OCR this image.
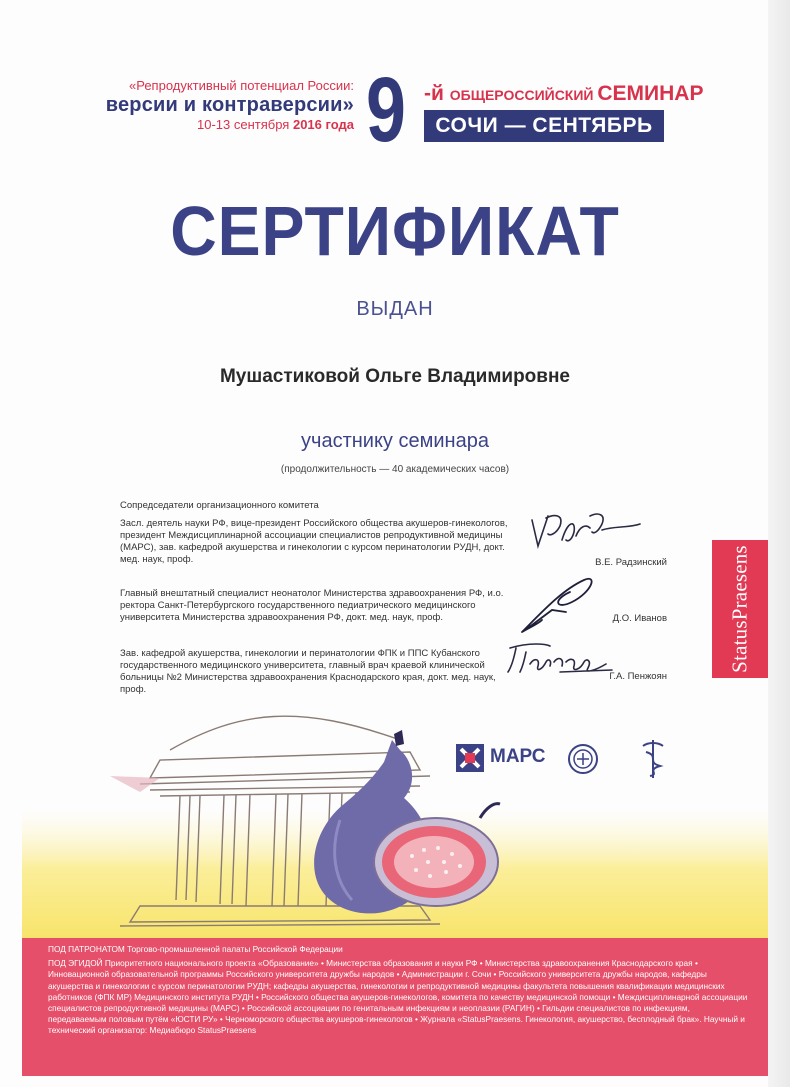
«Репродуктивный потенциал России:
версии и контраверсии»
10-13 сентября 2016 года 9 -й ОБЩЕРОССИЙСКИЙ СЕМИНАР
СОЧИ — СЕНТЯБРЬ
СЕРТИФИКАТ
ВЫДАН
Мушастиковой Ольге Владимировне
участнику семинара
(продолжительность — 40 академических часов)
Сопредседатели организационного комитета
Засл. деятель науки РФ, вице-президент Российского общества акушеров-гинекологов, президент Междисциплинарной ассоциации специалистов репродуктивной медицины (МАРС), зав. кафедрой акушерства и гинекологии с курсом перинатологии РУДН, докт. мед. наук, проф.
Главный внештатный специалист неонатолог Министерства здравоохранения РФ, и.о. ректора Санкт-Петербургского государственного педиатрического медицинского университета Министерства здравоохранения РФ, докт. мед. наук, проф.
Зав. кафедрой акушерства, гинекологии и перинатологии ФПК и ППС Кубанского государственного медицинского университета, главный врач краевой клинической больницы №2 Министерства здравоохранения Краснодарского края, докт. мед. наук, проф.
В.Е. Радзинский
Д.О. Иванов
Г.А. Пенжоян
StatusPraesens
МАРС
ПОД ПАТРОНАТОМ Торгово-промышленной палаты Российской Федерации
ПОД ЭГИДОЙ Приоритетного национального проекта «Образование» • Министерства образования и науки РФ • Министерства здравоохранения Краснодарского края • Инновационной образовательной программы Российского университета дружбы народов • Администрации г. Сочи • Российского университета дружбы народов, кафедры акушерства и гинекологии с курсом перинатологии РУДН; кафедры акушерства, гинекологии и репродуктивной медицины факультета повышения квалификации медицинских работников (ФПК МР) Медицинского института РУДН • Российского общества акушеров-гинекологов, комитета по качеству медицинской помощи • Междисциплинарной ассоциации специалистов репродуктивной медицины (МАРС) • Российской ассоциации по генитальным инфекциям и неоплазии (РАГИН) • Гильдии специалистов по инфекциям, передаваемым половым путём «ЮСТИ РУ» • Черноморского общества акушеров-гинекологов • Журнала «StatusPraesens. Гинекология, акушерство, бесплодный брак». Научный и технический организатор: Медиабюро StatusPraesens
